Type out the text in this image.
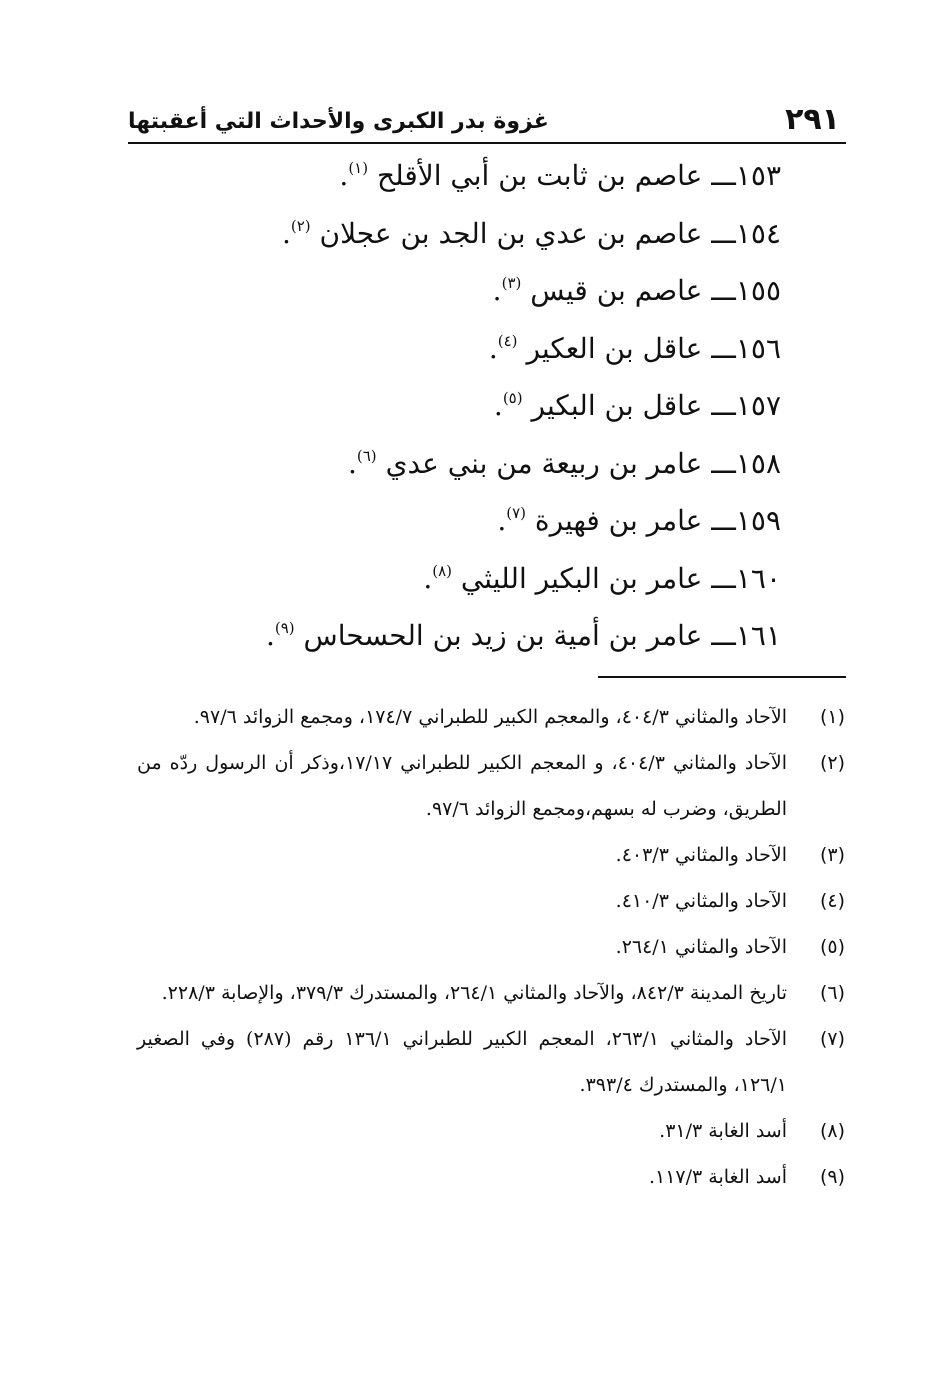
٢٩١
غزوة بدر الكبرى والأحداث التي أعقبتها
١٥٣ـــ عاصم بن ثابت بن أبي الأقلح $^{(١)}$.
١٥٤ـــ عاصم بن عدي بن الجد بن عجلان $^{(٢)}$.
١٥٥ـــ عاصم بن قيس $^{(٣)}$.
١٥٦ـــ عاقل بن العكير $^{(٤)}$.
١٥٧ـــ عاقل بن البكير $^{(٥)}$.
١٥٨ـــ عامر بن ربيعة من بني عدي $^{(٦)}$.
١٥٩ـــ عامر بن فهيرة $^{(٧)}$.
١٦٠ـــ عامر بن البكير الليثي $^{(٨)}$.
١٦١ـــ عامر بن أمية بن زيد بن الحسحاس $^{(٩)}$.
(١)
الآحاد والمثاني ٤٠٤/٣، والمعجم الكبير للطبراني ١٧٤/٧، ومجمع الزوائد ٩٧/٦.
(٢)
الآحاد والمثاني ٤٠٤/٣، و المعجم الكبير للطبراني ١٧/١٧،وذكر أن الرسول ردّه من الطريق، وضرب له بسهم،ومجمع الزوائد ٩٧/٦.
(٣)
الآحاد والمثاني ٤٠٣/٣.
(٤)
الآحاد والمثاني ٤١٠/٣.
(٥)
الآحاد والمثاني ٢٦٤/١.
(٦)
تاريخ المدينة ٨٤٢/٣، والآحاد والمثاني ٢٦٤/١، والمستدرك ٣٧٩/٣، والإصابة ٢٢٨/٣.
(٧)
الآحاد والمثاني ٢٦٣/١، المعجم الكبير للطبراني ١٣٦/١ رقم (٢٨٧) وفي الصغير ١٢٦/١، والمستدرك ٣٩٣/٤.
(٨)
أسد الغابة ٣١/٣.
(٩)
أسد الغابة ١١٧/٣.
